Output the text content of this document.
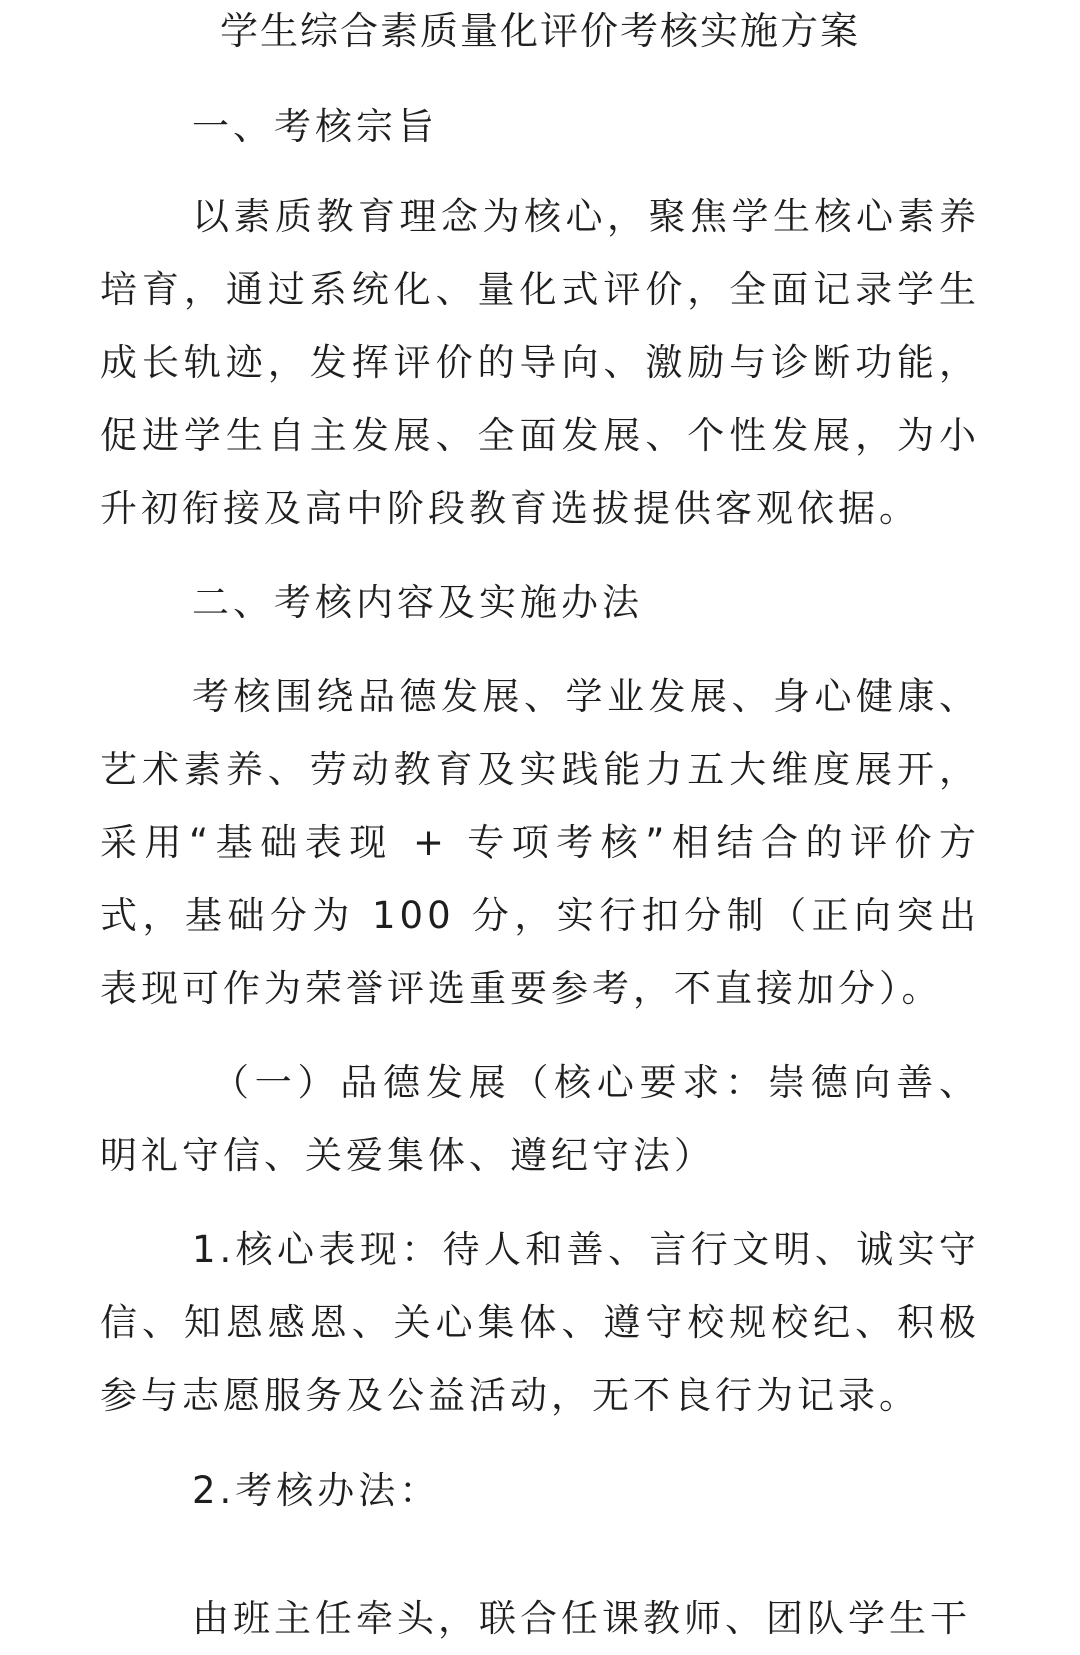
学生综合素质量化评价考核实施方案

一、考核宗旨

以素质教育理念为核心，聚焦学生核心素养培育，通过系统化、量化式评价，全面记录学生成长轨迹，发挥评价的导向、激励与诊断功能，促进学生自主发展、全面发展、个性发展，为小升初衔接及高中阶段教育选拔提供客观依据。

二、考核内容及实施办法

考核围绕品德发展、学业发展、身心健康、艺术素养、劳动教育及实践能力五大维度展开，采用“基础表现 + 专项考核”相结合的评价方式，基础分为 100 分，实行扣分制（正向突出表现可作为荣誉评选重要参考，不直接加分）。

（一）品德发展（核心要求：崇德向善、明礼守信、关爱集体、遵纪守法）

1.核心表现：待人和善、言行文明、诚实守信、知恩感恩、关心集体、遵守校规校纪、积极参与志愿服务及公益活动，无不良行为记录。

2.考核办法：

由班主任牵头，联合任课教师、团队学生干
